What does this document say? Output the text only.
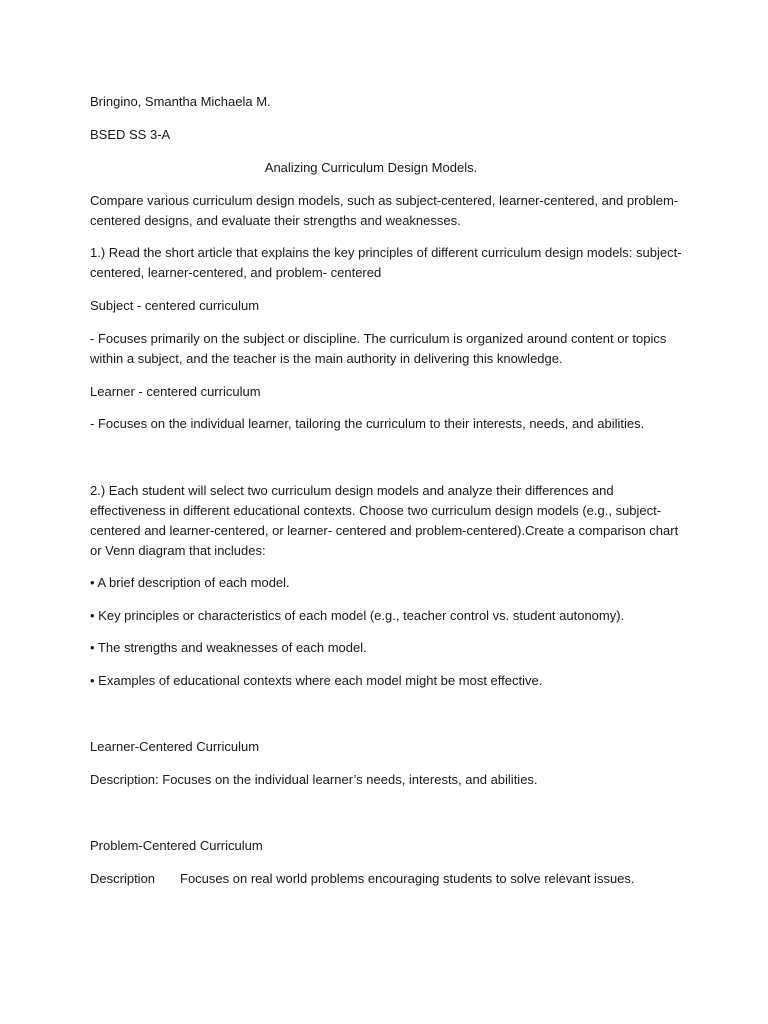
Bringino, Smantha Michaela M.

BSED SS 3-A

Analizing Curriculum Design Models.

Compare various curriculum design models, such as subject-centered, learner-centered, and problem-centered designs, and evaluate their strengths and weaknesses.

1.) Read the short article that explains the key principles of different curriculum design models: subject-centered, learner-centered, and problem- centered

Subject - centered curriculum

- Focuses primarily on the subject or discipline. The curriculum is organized around content or topics within a subject, and the teacher is the main authority in delivering this knowledge.

Learner - centered curriculum

- Focuses on the individual learner, tailoring the curriculum to their interests, needs, and abilities.

2.) Each student will select two curriculum design models and analyze their differences and effectiveness in different educational contexts. Choose two curriculum design models (e.g., subject-centered and learner-centered, or learner- centered and problem-centered).Create a comparison chart or Venn diagram that includes:

• A brief description of each model.

• Key principles or characteristics of each model (e.g., teacher control vs. student autonomy).

• The strengths and weaknesses of each model.

• Examples of educational contexts where each model might be most effective.

Learner-Centered Curriculum

Description: Focuses on the individual learner’s needs, interests, and abilities.

Problem-Centered Curriculum

Description Focuses on real world problems encouraging students to solve relevant issues.
